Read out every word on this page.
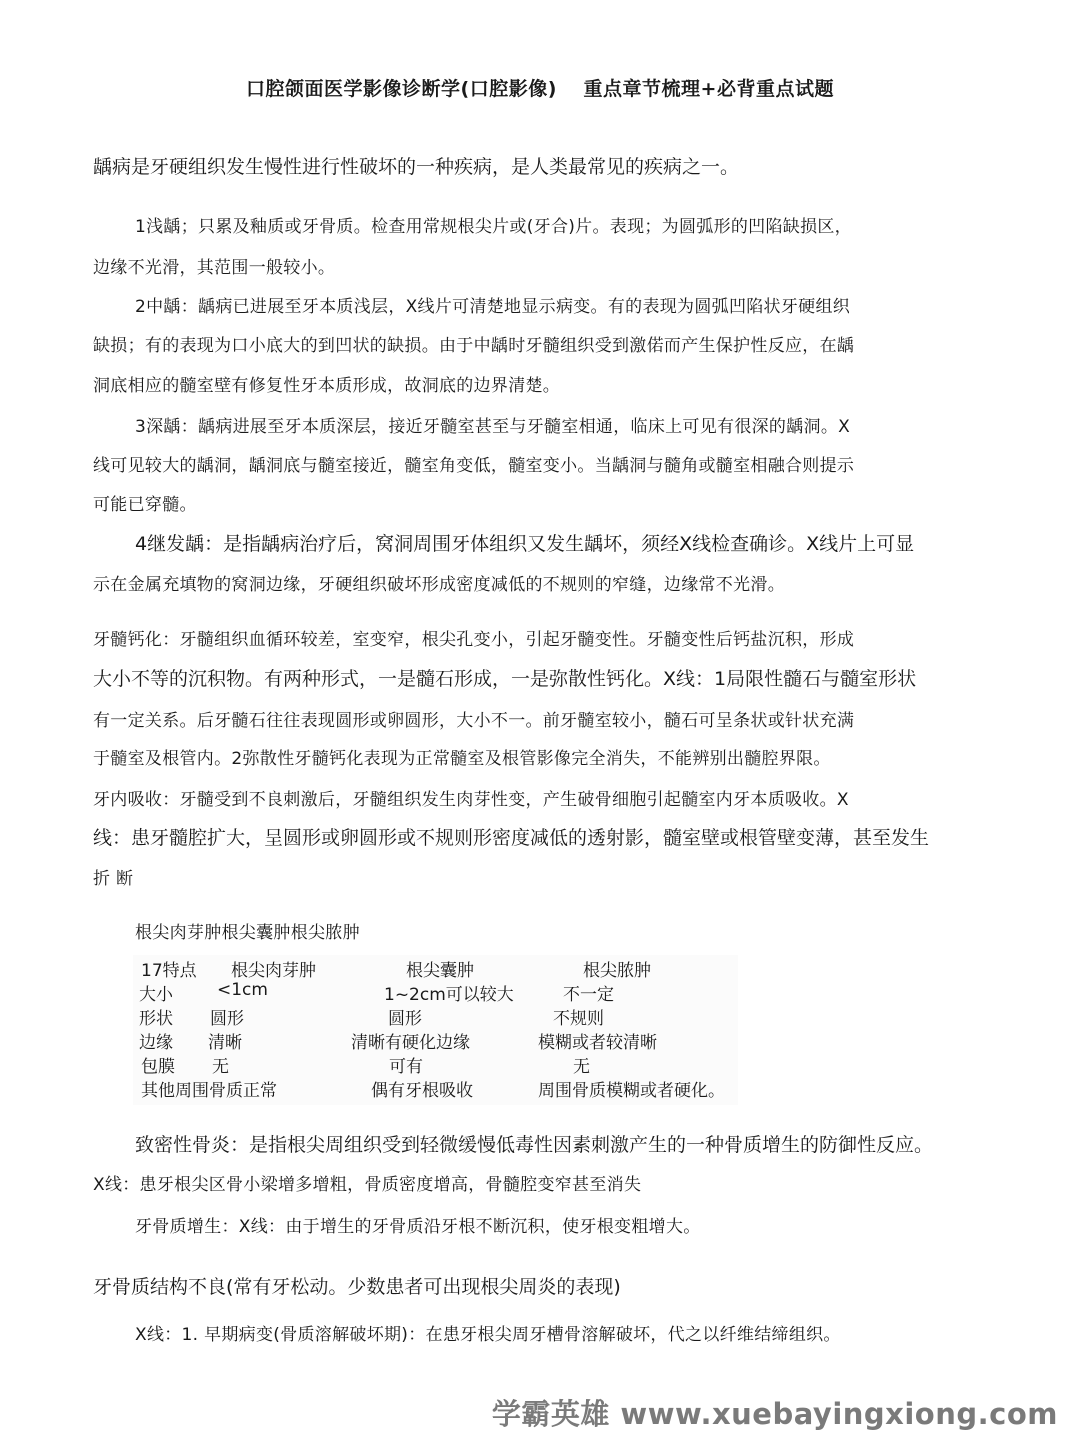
口腔颌面医学影像诊断学(口腔影像)　 重点章节梳理+必背重点试题
龋病是牙硬组织发生慢性进行性破坏的一种疾病，是人类最常见的疾病之一。
1浅龋；只累及釉质或牙骨质。检查用常规根尖片或(牙合)片。表现；为圆弧形的凹陷缺损区，
边缘不光滑，其范围一般较小。
2中龋：龋病已进展至牙本质浅层，X线片可清楚地显示病变。有的表现为圆弧凹陷状牙硬组织
缺损；有的表现为口小底大的到凹状的缺损。由于中龋时牙髓组织受到激偌而产生保护性反应，在龋
洞底相应的髓室壁有修复性牙本质形成，故洞底的边界清楚。
3深龋：龋病进展至牙本质深层，接近牙髓室甚至与牙髓室相通，临床上可见有很深的龋洞。X
线可见较大的龋洞，龋洞底与髓室接近，髓室角变低，髓室变小。当龋洞与髓角或髓室相融合则提示
可能已穿髓。
4继发龋：是指龋病治疗后，窝洞周围牙体组织又发生龋坏，须经X线检查确诊。X线片上可显
示在金属充填物的窝洞边缘，牙硬组织破坏形成密度减低的不规则的窄缝，边缘常不光滑。
牙髓钙化：牙髓组织血循环较差，室变窄，根尖孔变小，引起牙髓变性。牙髓变性后钙盐沉积，形成
大小不等的沉积物。有两种形式，一是髓石形成，一是弥散性钙化。X线：1局限性髓石与髓室形状
有一定关系。后牙髓石往往表现圆形或卵圆形，大小不一。前牙髓室较小，髓石可呈条状或针状充满
于髓室及根管内。2弥散性牙髓钙化表现为正常髓室及根管影像完全消失，不能辨别出髓腔界限。
牙内吸收：牙髓受到不良刺激后，牙髓组织发生肉芽性变，产生破骨细胞引起髓室内牙本质吸收。X
线：患牙髓腔扩大，呈圆形或卵圆形或不规则形密度减低的透射影，髓室壁或根管壁变薄，甚至发生
折 断
根尖肉芽肿根尖囊肿根尖脓肿
17特点 根尖肉芽肿	根尖囊肿	根尖脓肿
大小	<1cm	1~2cm可以较大	不一定
形状 圆形	圆形	不规则
边缘 清晰	清晰有硬化边缘	模糊或者较清晰
包膜 无	可有	无
其他周围骨质正常	偶有牙根吸收	周围骨质模糊或者硬化。
致密性骨炎：是指根尖周组织受到轻微缓慢低毒性因素刺激产生的一种骨质增生的防御性反应。
X线：患牙根尖区骨小梁增多增粗，骨质密度增高，骨髓腔变窄甚至消失
牙骨质增生：X线：由于增生的牙骨质沿牙根不断沉积，使牙根变粗增大。
牙骨质结构不良(常有牙松动。少数患者可出现根尖周炎的表现)
X线：1. 早期病变(骨质溶解破坏期)：在患牙根尖周牙槽骨溶解破坏，代之以纤维结缔组织。
学霸英雄 www.xuebayingxiong.com
